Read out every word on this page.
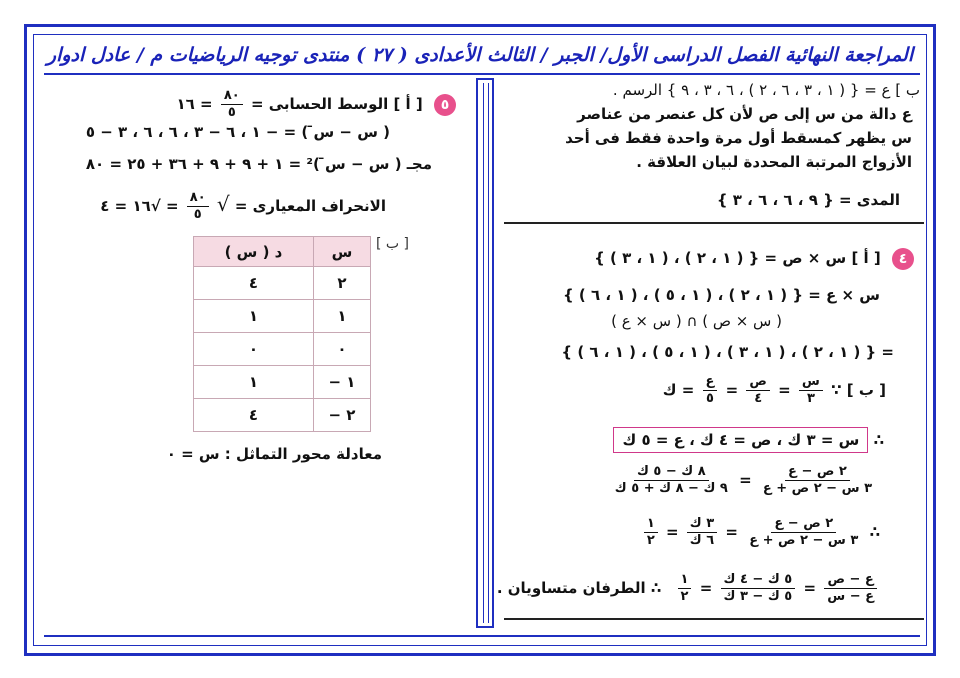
المراجعة النهائية الفصل الدراسى الأول/ الجبر / الثالث الأعدادى ( ٢٧ ) منتدى توجيه الرياضيات م / عادل ادوار
ب ] ع = { ( ١ ، ٣ ، ٦ ، ٢ ) ، ٦ ، ٣ ، ٩ } الرسم .
ع دالة من س إلى ص لأن كل عنصر من عناصر
س يظهر كمسقط أول مرة واحدة فقط فى أحد
الأزواج المرتبة المحددة لبيان العلاقة .
المدى = { ٩ ، ٦ ، ٦ ، ٣ }
٤ [ أ ] س × ص = { ( ١ ، ٢ ) ، ( ١ ، ٣ ) }
س × ع = { ( ١ ، ٢ ) ، ( ١ ، ٥ ) ، ( ١ ، ٦ ) }
( س × ص ) ∩ ( س × ع )
= { ( ١ ، ٢ ) ، ( ١ ، ٣ ) ، ( ١ ، ٥ ) ، ( ١ ، ٦ ) }
[ ب ] ∵
$\frac{\text{س}}{٣}$
=
$\frac{\text{ص}}{٤}$
=
$\frac{\text{ع}}{٥}$
= ك
∴ س = ٣ ك ، ص = ٤ ك ، ع = ٥ ك
$\frac{\text{٢ ص − ع}}{\text{٣ س − ٢ ص + ع}}$
=
$\frac{\text{٨ ك − ٥ ك}}{\text{٩ ك − ٨ ك + ٥ ك}}$
∴
$\frac{\text{٢ ص − ع}}{\text{٣ س − ٢ ص + ع}}$
=
$\frac{\text{٣ ك}}{\text{٦ ك}}$
=
$\frac{١}{٢}$
$\frac{\text{ع − ص}}{\text{ع − س}}$
=
$\frac{\text{٥ ك − ٤ ك}}{\text{٥ ك − ٣ ك}}$
=
$\frac{١}{٢}$
∴ الطرفان متساويان .
٥ [ أ ] الوسط الحسابى =
$\frac{٨٠}{٥}$
= ١٦
( س − س̄ ) = − ١ ، ٦ − ٣ ، ٦ ، ٦ ، ٣ − ٥
مجـ ( س − س̄ )² = ١ + ٩ + ٩ + ٣٦ + ٢٥ = ٨٠
الانحراف المعيارى = √
$\frac{٨٠}{٥}$
= √١٦ = ٤
[ ب ]
س	د ( س )
٢	٤
١	١
٠	٠
١ −	١
٢ −	٤
معادلة محور التماثل : س = ٠
